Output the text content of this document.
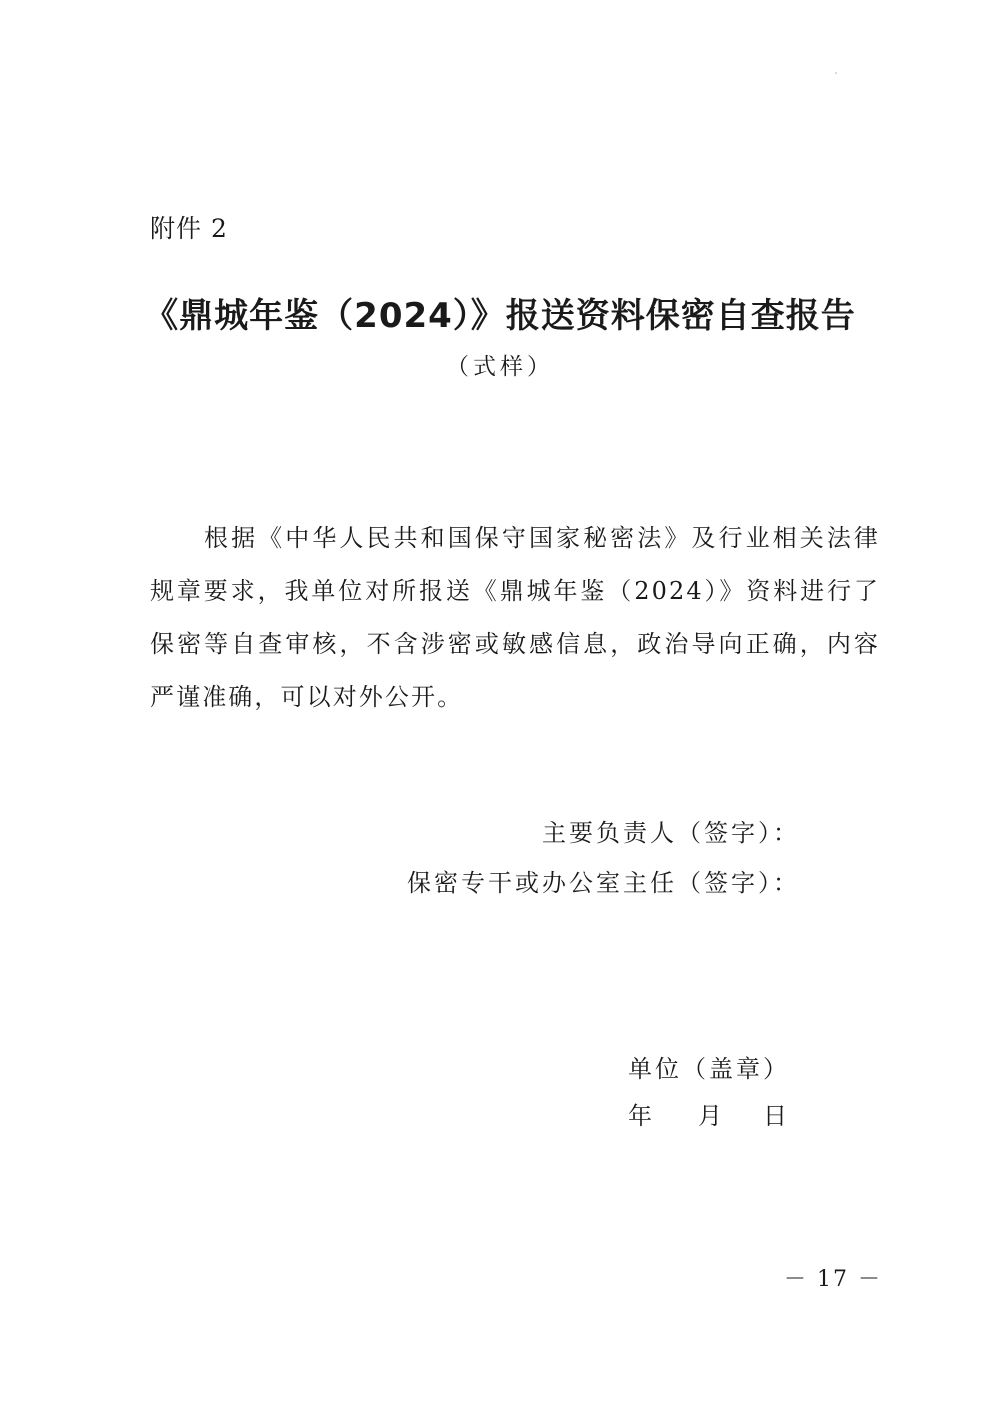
附件 2
《鼎城年鉴（2024）》报送资料保密自查报告
（式样）

根据《中华人民共和国保守国家秘密法》及行业相关法律规章要求，我单位对所报送《鼎城年鉴（2024）》资料进行了保密等自查审核，不含涉密或敏感信息，政治导向正确，内容严谨准确，可以对外公开。

主要负责人（签字）：
保密专干或办公室主任（签字）：
单位（盖章）
年 月 日
－ 17 －
